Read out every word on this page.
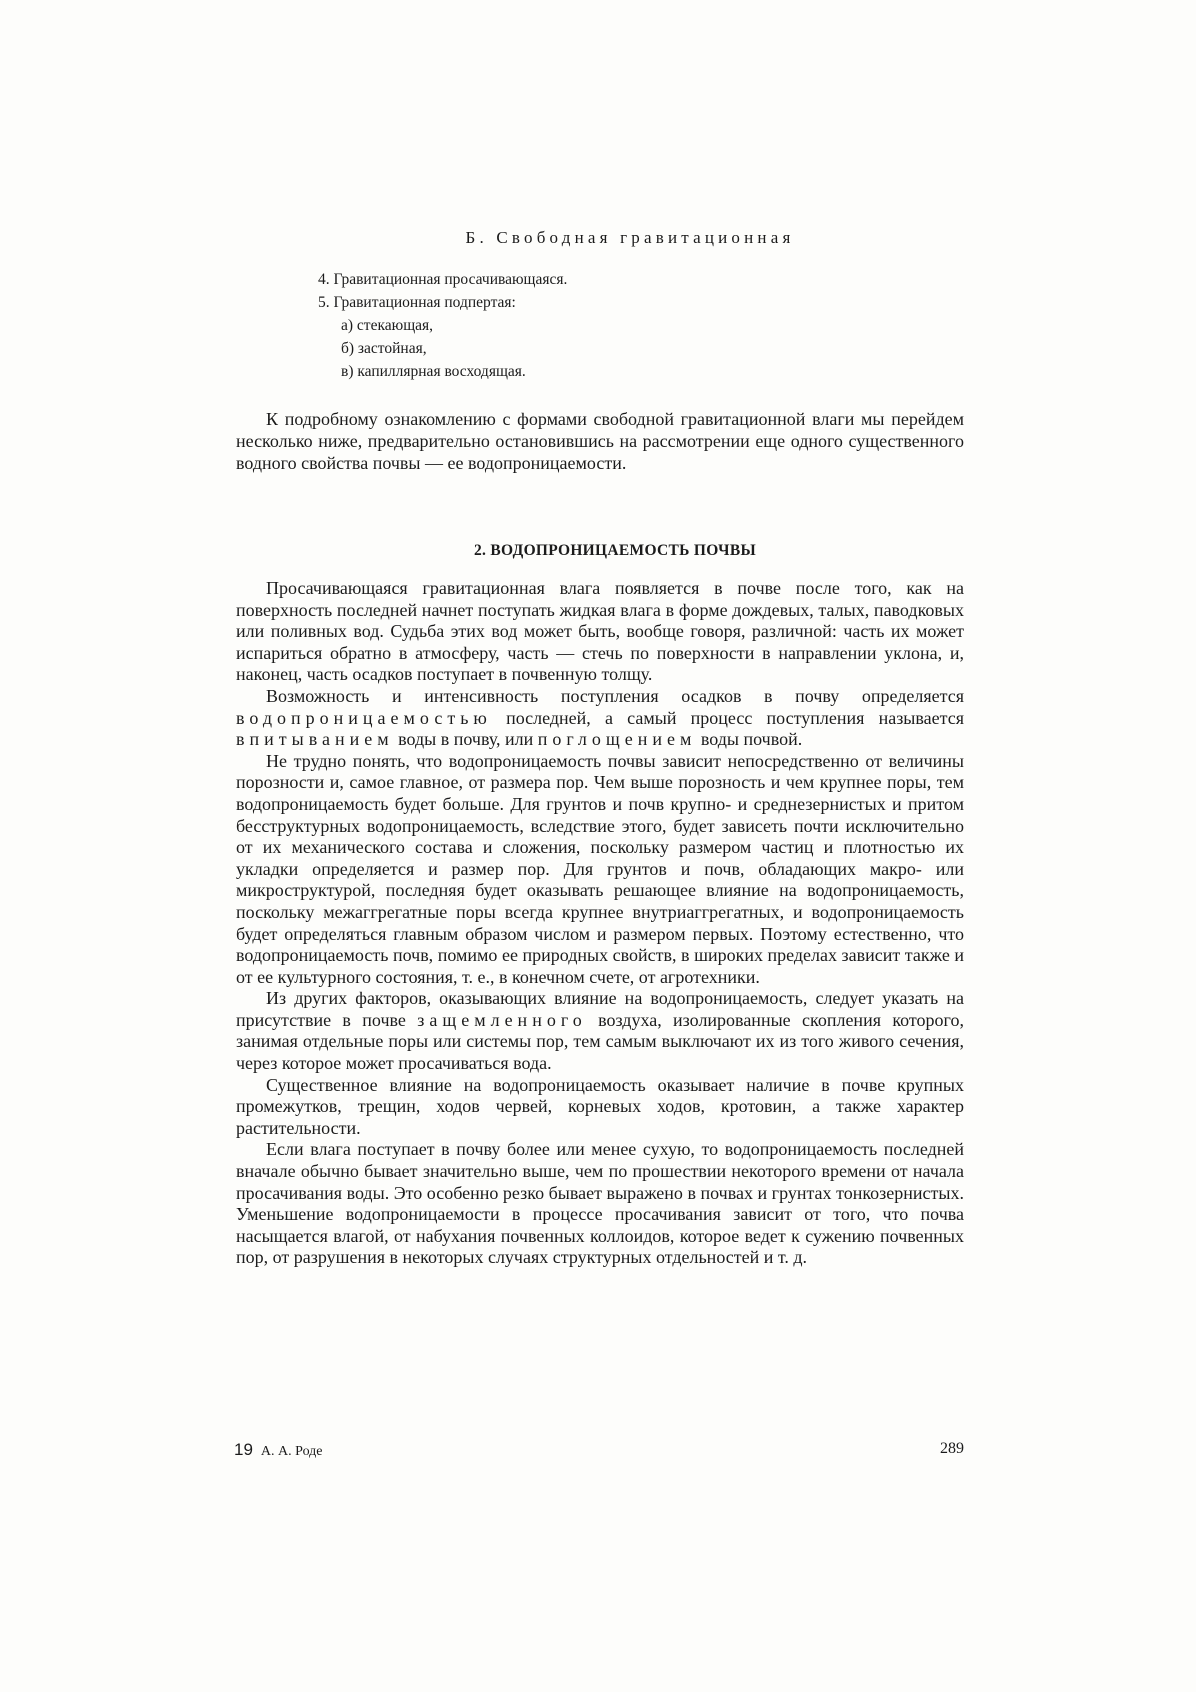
Б. Свободная гравитационная
4. Гравитационная просачивающаяся.
5. Гравитационная подпертая:
а) стекающая,
б) застойная,
в) капиллярная восходящая.

К подробному ознакомлению с формами свободной гравитационной влаги мы перейдем несколько ниже, предварительно остановившись на рассмотрении еще одного существенного водного свойства почвы — ее водопроницаемости.

2. ВОДОПРОНИЦАЕМОСТЬ ПОЧВЫ

Просачивающаяся гравитационная влага появляется в почве после того, как на поверхность последней начнет поступать жидкая влага в форме дождевых, талых, паводковых или поливных вод. Судьба этих вод может быть, вообще говоря, различной: часть их может испариться обратно в атмосферу, часть — стечь по поверхности в направлении уклона, и, наконец, часть осадков поступает в почвенную толщу.

Возможность и интенсивность поступления осадков в почву определяется водопроницаемостью последней, а самый процесс поступления называется впитыванием воды в почву, или поглощением воды почвой.

Не трудно понять, что водопроницаемость почвы зависит непосредственно от величины порозности и, самое главное, от размера пор. Чем выше порозность и чем крупнее поры, тем водопроницаемость будет больше. Для грунтов и почв крупно- и среднезернистых и притом бесструктурных водопроницаемость, вследствие этого, будет зависеть почти исключительно от их механического состава и сложения, поскольку размером частиц и плотностью их укладки определяется и размер пор. Для грунтов и почв, обладающих макро- или микроструктурой, последняя будет оказывать решающее влияние на водопроницаемость, поскольку межаггрегатные поры всегда крупнее внутриаггрегатных, и водопроницаемость будет определяться главным образом числом и размером первых. Поэтому естественно, что водопроницаемость почв, помимо ее природных свойств, в широких пределах зависит также и от ее культурного состояния, т. е., в конечном счете, от агротехники.

Из других факторов, оказывающих влияние на водопроницаемость, следует указать на присутствие в почве защемленного воздуха, изолированные скопления которого, занимая отдельные поры или системы пор, тем самым выключают их из того живого сечения, через которое может просачиваться вода.

Существенное влияние на водопроницаемость оказывает наличие в почве крупных промежутков, трещин, ходов червей, корневых ходов, кротовин, а также характер растительности.

Если влага поступает в почву более или менее сухую, то водопроницаемость последней вначале обычно бывает значительно выше, чем по прошествии некоторого времени от начала просачивания воды. Это особенно резко бывает выражено в почвах и грунтах тонкозернистых. Уменьшение водопроницаемости в процессе просачивания зависит от того, что почва насыщается влагой, от набухания почвенных коллоидов, которое ведет к сужению почвенных пор, от разрушения в некоторых случаях структурных отдельностей и т. д.

19 А. А. Роде	289
